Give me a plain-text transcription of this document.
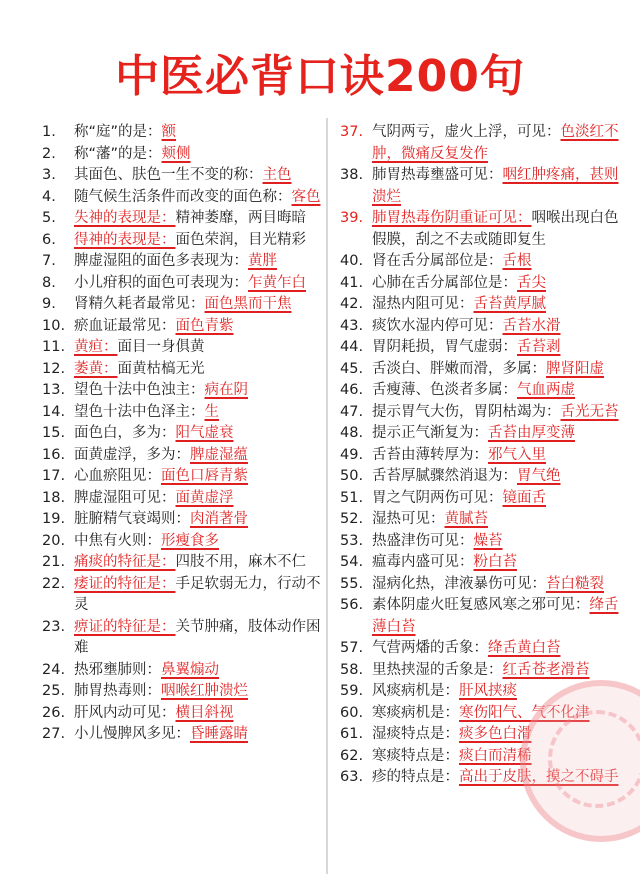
中医必背口诀200句
1.	称“庭”的是：额
2.	称“藩”的是：颊侧
3.	其面色、肤色一生不变的称：主色
4.	随气候生活条件而改变的面色称：客色
5.	失神的表现是：精神萎靡，两目晦暗
6.	得神的表现是：面色荣润，目光精彩
7.	脾虚湿阻的面色多表现为：黄胖
8.	小儿疳积的面色可表现为：乍黄乍白
9.	肾精久耗者最常见：面色黑而干焦
10. 瘀血证最常见：面色青紫
11. 黄疸：面目一身俱黄
12. 萎黄：面黄枯槁无光
13. 望色十法中色浊主：病在阴
14. 望色十法中色泽主：生
15. 面色白，多为：阳气虚衰
16. 面黄虚浮，多为：脾虚湿蕴
17. 心血瘀阻见：面色口唇青紫
18. 脾虚湿阻可见：面黄虚浮
19. 脏腑精气衰竭则：肉消著骨
20. 中焦有火则：形瘦食多
21. 痛痰的特征是：四肢不用，麻木不仁
22. 痿证的特征是：手足软弱无力，行动不灵
23. 痹证的特征是：关节肿痛，肢体动作困难
24. 热邪壅肺则：鼻翼煽动
25. 肺胃热毒则：咽喉红肿溃烂
26. 肝风内动可见：横目斜视
27. 小儿慢脾风多见：昏睡露睛
37. 气阴两亏，虚火上浮，可见：色淡红不肿，微痛反复发作
38. 肺胃热毒壅盛可见：咽红肿疼痛，甚则溃烂
39. 肺胃热毒伤阴重证可见：咽喉出现白色假膜，刮之不去或随即复生
40. 肾在舌分属部位是：舌根
41. 心肺在舌分属部位是：舌尖
42. 湿热内阻可见：舌苔黄厚腻
43. 痰饮水湿内停可见：舌苔水滑
44. 胃阴耗损，胃气虚弱：舌苔剥
45. 舌淡白、胖嫩而滑，多属：脾肾阳虚
46. 舌瘦薄、色淡者多属：气血两虚
47. 提示胃气大伤，胃阴枯竭为：舌光无苔
48. 提示正气渐复为：舌苔由厚变薄
49. 舌苔由薄转厚为：邪气入里
50. 舌苔厚腻骤然消退为：胃气绝
51. 胃之气阴两伤可见：镜面舌
52. 湿热可见：黄腻苔
53. 热盛津伤可见：燥苔
54. 瘟毒内盛可见：粉白苔
55. 湿病化热，津液暴伤可见：苔白糙裂
56. 素体阴虚火旺复感风寒之邪可见：绛舌薄白苔
57. 气营两燔的舌象：绛舌黄白苔
58. 里热挟湿的舌象是：红舌苍老滑苔
59. 风痰病机是：肝风挟痰
60. 寒痰病机是：寒伤阳气、气不化津
61. 湿痰特点是：痰多色白滑
62. 寒痰特点是：痰白而清稀
63. 疹的特点是：高出于皮肤，摸之不碍手
